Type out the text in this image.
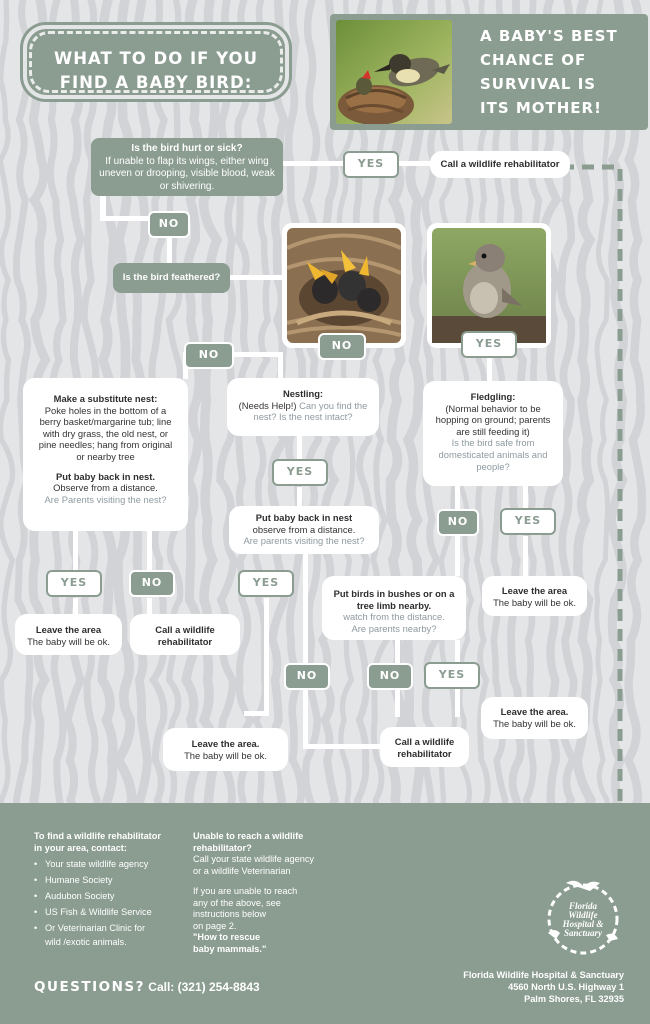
WHAT TO DO IF YOU
FIND A BABY BIRD:
A BABY'S BEST
CHANCE OF
SURVIVAL IS
ITS MOTHER!
Is the bird hurt or sick?
If unable to flap its wings, either wing uneven or drooping, visible blood, weak or shivering.
YES	Call a wildlife rehabilitator
NO
Is the bird feathered?
NO
NO	YES
Make a substitute nest:
Poke holes in the bottom of a berry basket/margarine tub; line with dry grass, the old nest, or pine needles; hang from original or nearby tree
Put baby back in nest.
Observe from a distance.
Are Parents visiting the nest?
Nestling:
(Needs Help!) Can you find the nest? Is the nest intact?
Fledgling:
(Normal behavior to be hopping on ground; parents are still feeding it)
Is the bird safe from domesticated animals and people?
YES
Put baby back in nest
observe from a distance.
Are parents visiting the nest?
NO	YES
YES	NO	YES
Put birds in bushes or on a tree limb nearby.
watch from the distance.
Are parents nearby?
Leave the area
The baby will be ok.
Leave the area
The baby will be ok.
Call a wildlife
rehabilitator
NO	NO	YES
Leave the area.
The baby will be ok.
Leave the area.
The baby will be ok.
Call a wildlife
rehabilitator
To find a wildlife rehabilitator
in your area, contact:
• Your state wildlife agency
• Humane Society
• Audubon Society
• US Fish & Wildlife Service
• Or Veterinarian Clinic for
wild /exotic animals.
Unable to reach a wildlife
rehabilitator?
Call your state wildlife agency
or a wildlife Veterinarian
If you are unable to reach
any of the above, see
instructions below
on page 2.
"How to rescue
baby mammals."
Florida
Wildlife
Hospital &
Sanctuary
QUESTIONS? Call: (321) 254-8843
Florida Wildlife Hospital & Sanctuary
4560 North U.S. Highway 1
Palm Shores, FL 32935
